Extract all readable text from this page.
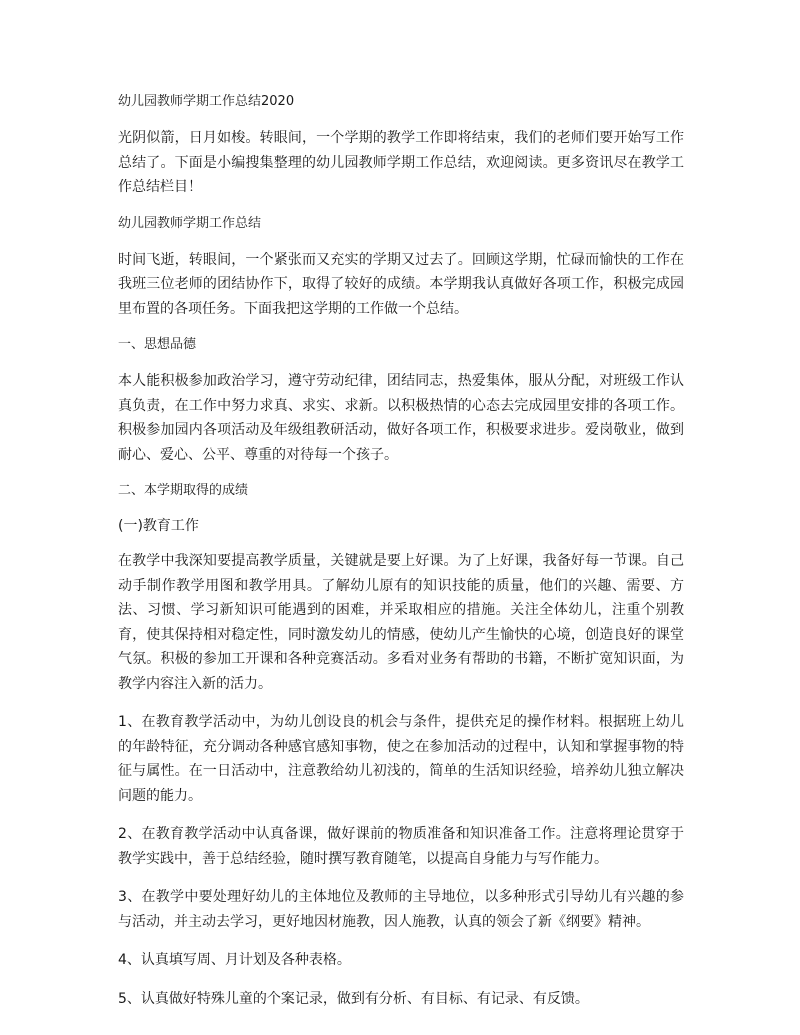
幼儿园教师学期工作总结2020

光阴似箭，日月如梭。转眼间，一个学期的教学工作即将结束，我们的老师们要开始写工作总结了。下面是小编搜集整理的幼儿园教师学期工作总结，欢迎阅读。更多资讯尽在教学工作总结栏目！

幼儿园教师学期工作总结

时间飞逝，转眼间，一个紧张而又充实的学期又过去了。回顾这学期，忙碌而愉快的工作在我班三位老师的团结协作下，取得了较好的成绩。本学期我认真做好各项工作，积极完成园里布置的各项任务。下面我把这学期的工作做一个总结。

一、思想品德

本人能积极参加政治学习，遵守劳动纪律，团结同志，热爱集体，服从分配，对班级工作认真负责，在工作中努力求真、求实、求新。以积极热情的心态去完成园里安排的各项工作。积极参加园内各项活动及年级组教研活动，做好各项工作，积极要求进步。爱岗敬业，做到耐心、爱心、公平、尊重的对待每一个孩子。

二、本学期取得的成绩
(一)教育工作

在教学中我深知要提高教学质量，关键就是要上好课。为了上好课，我备好每一节课。自己动手制作教学用图和教学用具。了解幼儿原有的知识技能的质量，他们的兴趣、需要、方法、习惯、学习新知识可能遇到的困难，并采取相应的措施。关注全体幼儿，注重个别教育，使其保持相对稳定性，同时激发幼儿的情感，使幼儿产生愉快的心境，创造良好的课堂气氛。积极的参加工开课和各种竞赛活动。多看对业务有帮助的书籍，不断扩宽知识面，为教学内容注入新的活力。

1、在教育教学活动中，为幼儿创设良的机会与条件，提供充足的操作材料。根据班上幼儿的年龄特征，充分调动各种感官感知事物，使之在参加活动的过程中，认知和掌握事物的特征与属性。在一日活动中，注意教给幼儿初浅的，简单的生活知识经验，培养幼儿独立解决问题的能力。

2、在教育教学活动中认真备课，做好课前的物质准备和知识准备工作。注意将理论贯穿于教学实践中，善于总结经验，随时撰写教育随笔，以提高自身能力与写作能力。

3、在教学中要处理好幼儿的主体地位及教师的主导地位，以多种形式引导幼儿有兴趣的参与活动，并主动去学习，更好地因材施教，因人施教，认真的领会了新《纲要》精神。

4、认真填写周、月计划及各种表格。

5、认真做好特殊儿童的个案记录，做到有分析、有目标、有记录、有反馈。
